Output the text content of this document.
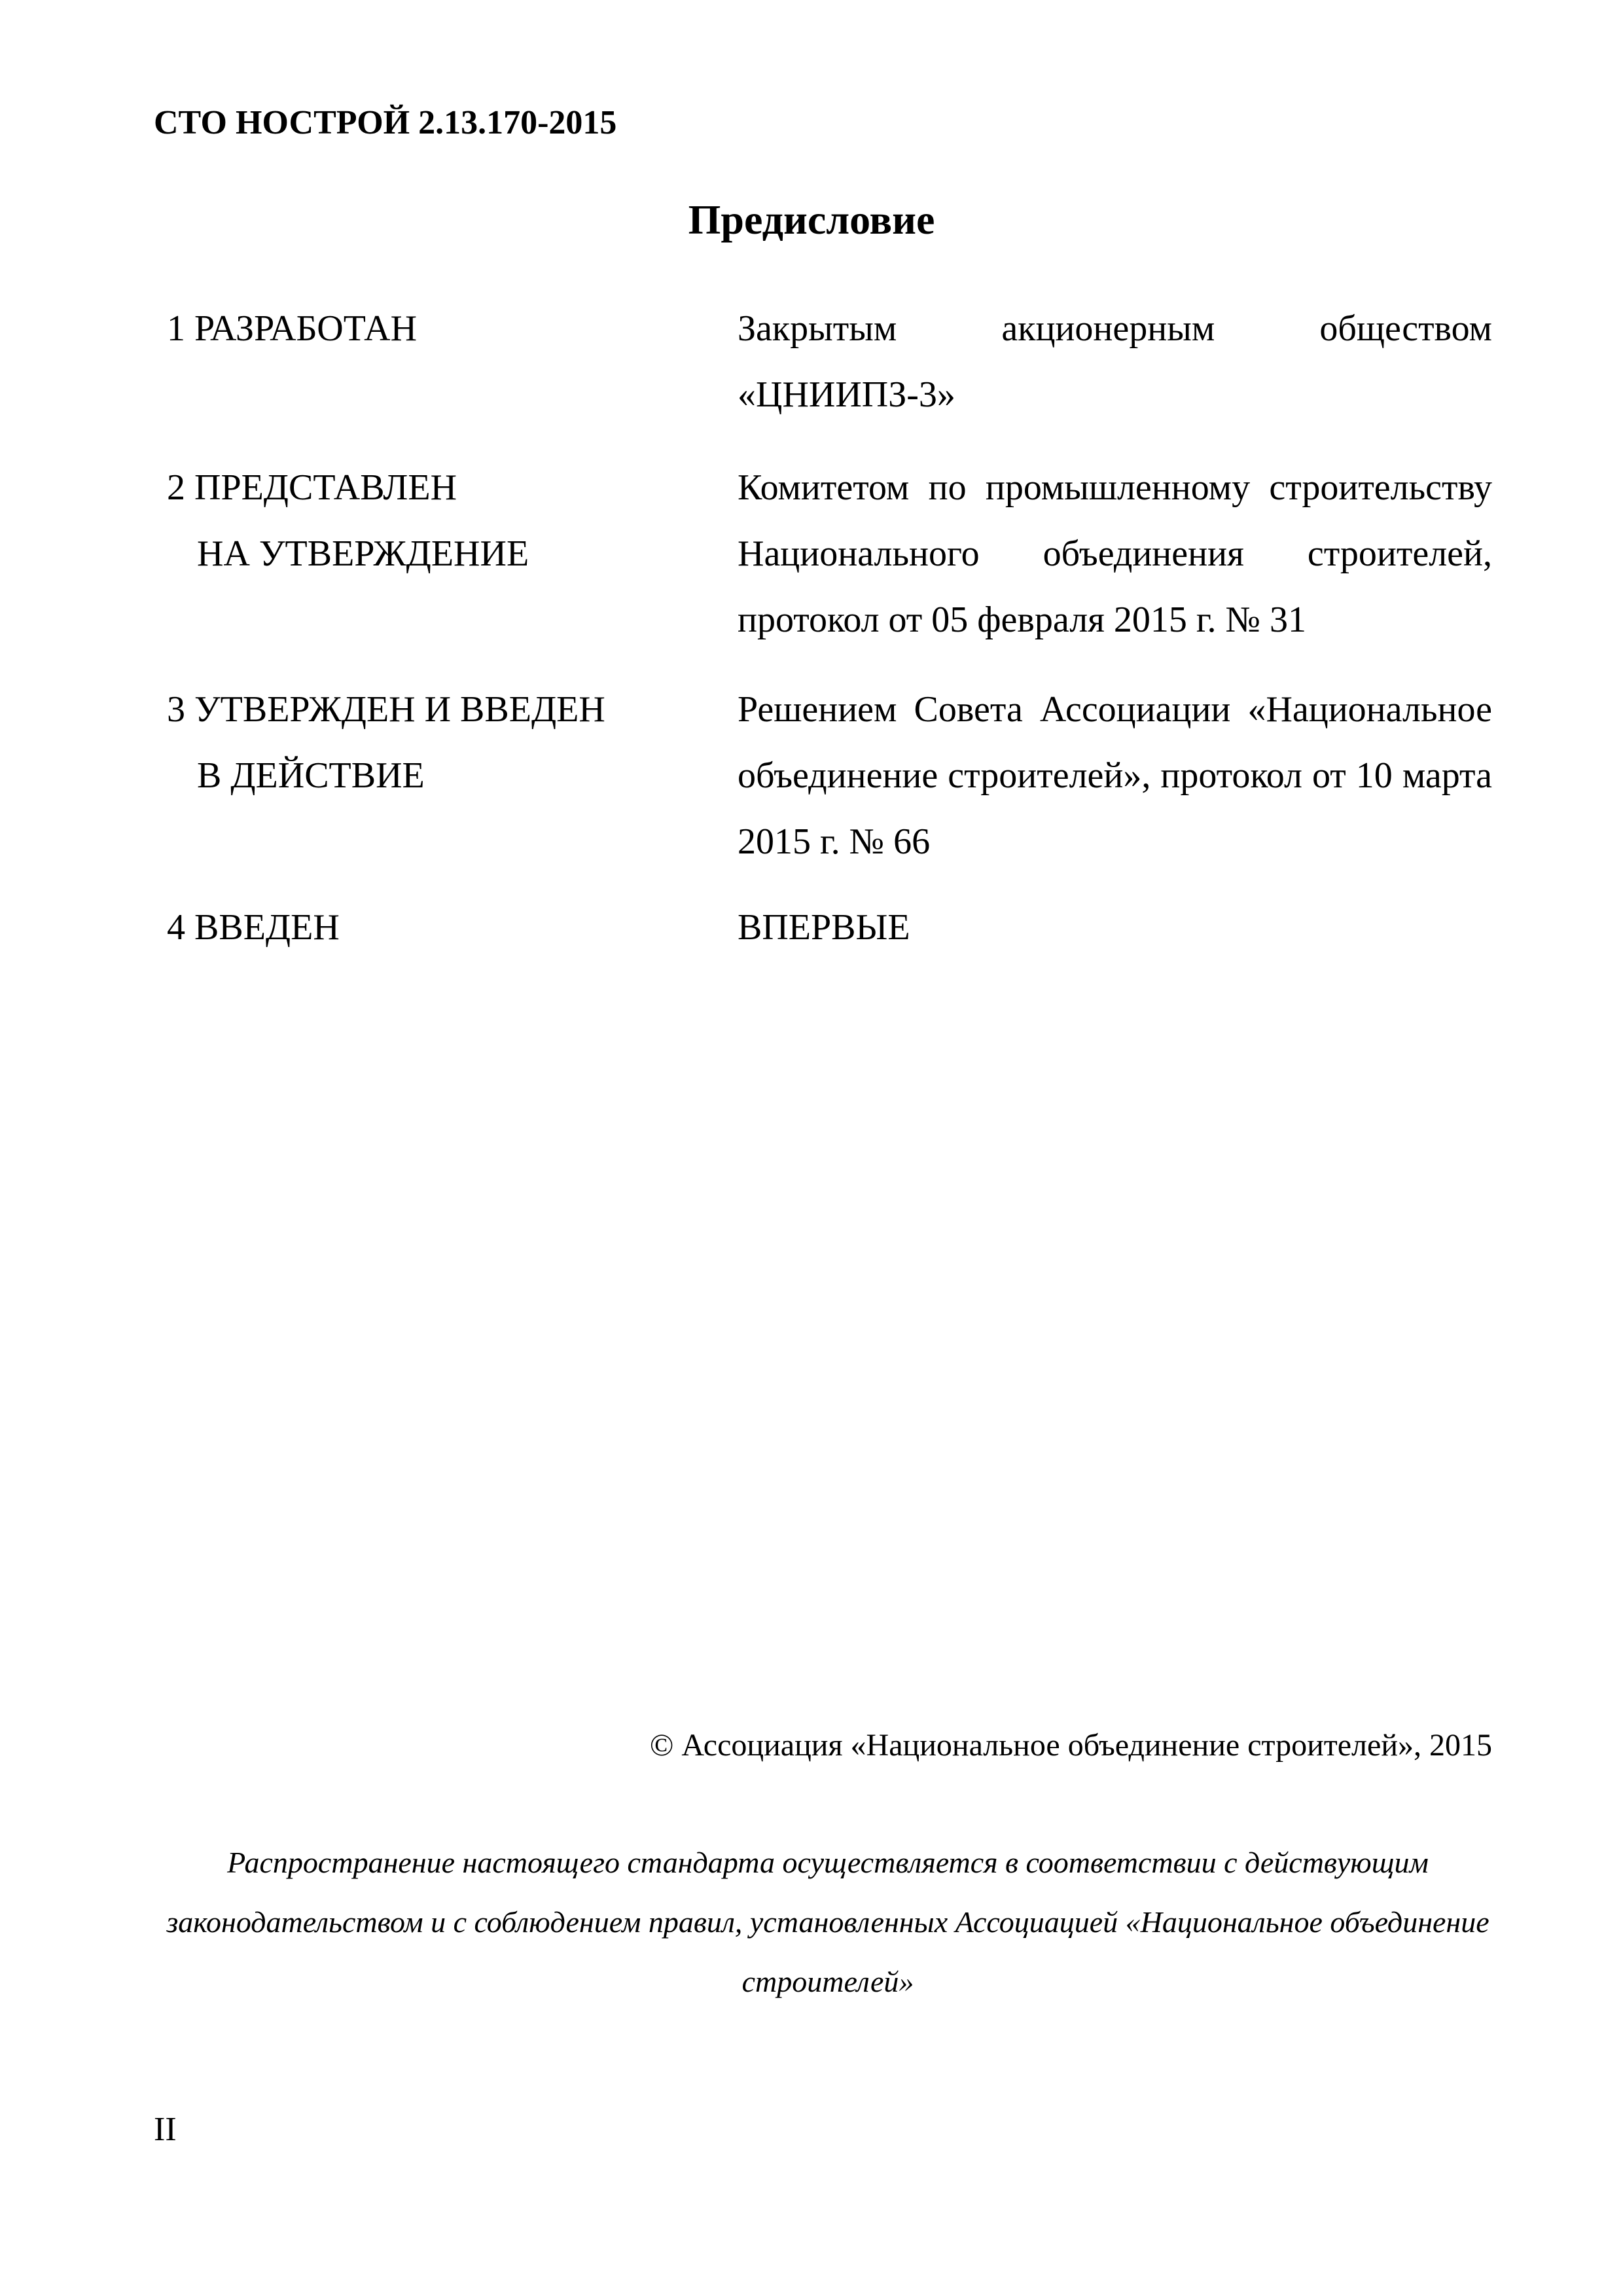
СТО НОСТРОЙ 2.13.170-2015
Предисловие
1 РАЗРАБОТАН	Закрытым акционерным обществом «ЦНИИПЗ-3»
2 ПРЕДСТАВЛЕН
НА УТВЕРЖДЕНИЕ
Комитетом по промышленному строительству Национального объединения строителей, протокол от 05 февраля 2015 г. № 31
3 УТВЕРЖДЕН И ВВЕДЕН
В ДЕЙСТВИЕ
Решением Совета Ассоциации «Национальное объединение строителей», протокол от 10 марта 2015 г. № 66
4 ВВЕДЕН	ВПЕРВЫЕ
© Ассоциация «Национальное объединение строителей», 2015
Распространение настоящего стандарта осуществляется в соответствии с действующим законодательством и с соблюдением правил, установленных Ассоциацией «Национальное объединение строителей»
II
